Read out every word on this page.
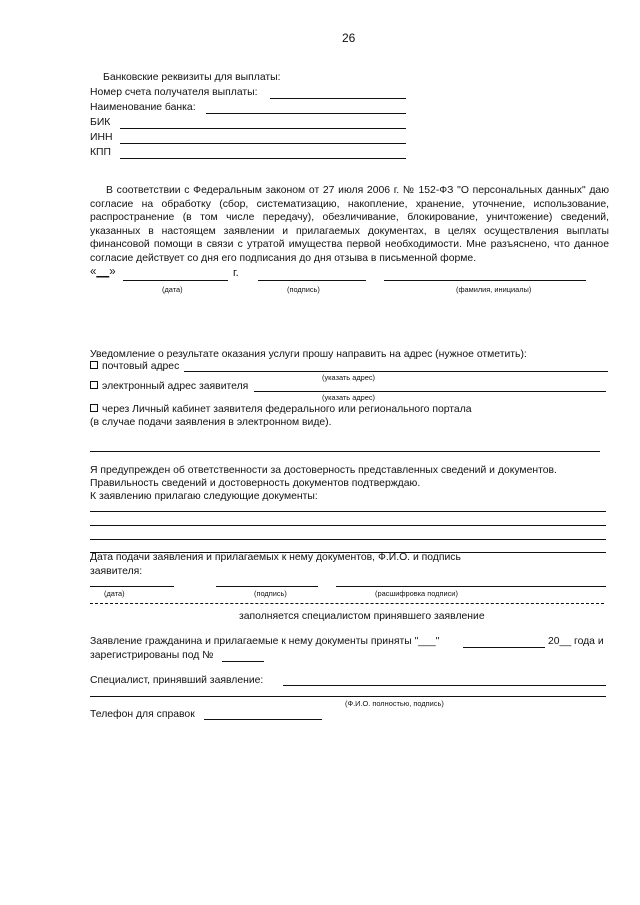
26
Банковские реквизиты для выплаты:
Номер счета получателя выплаты:
Наименование банка:
БИК
ИНН
КПП
В соответствии с Федеральным законом от 27 июля 2006 г. № 152-ФЗ "О персональных данных" даю согласие на обработку (сбор, систематизацию, накопление, хранение, уточнение, использование, распространение (в том числе передачу), обезличивание, блокирование, уничтожение) сведений, указанных в настоящем заявлении и прилагаемых документах, в целях осуществления выплаты финансовой помощи в связи с утратой имущества первой необходимости. Мне разъяснено, что данное согласие действует со дня его подписания до дня отзыва в письменной форме.
«__»	г.
(дата)	(подпись)	(фамилия, инициалы)
Уведомление о результате оказания услуги прошу направить на адрес (нужное отметить):
почтовый адрес
(указать адрес)
электронный адрес заявителя
(указать адрес)
через Личный кабинет заявителя федерального или регионального портала
(в случае подачи заявления в электронном виде).
Я предупрежден об ответственности за достоверность представленных сведений и документов.
Правильность сведений и достоверность документов подтверждаю.
К заявлению прилагаю следующие документы:
Дата подачи заявления и прилагаемых к нему документов, Ф.И.О. и подпись
заявителя:
(дата)	(подпись)	(расшифровка подписи)
заполняется специалистом принявшего заявление
Заявление гражданина и прилагаемые к нему документы приняты "___"	20__ года и
зарегистрированы под №
Специалист, принявший заявление:
(Ф.И.О. полностью, подпись)
Телефон для справок
